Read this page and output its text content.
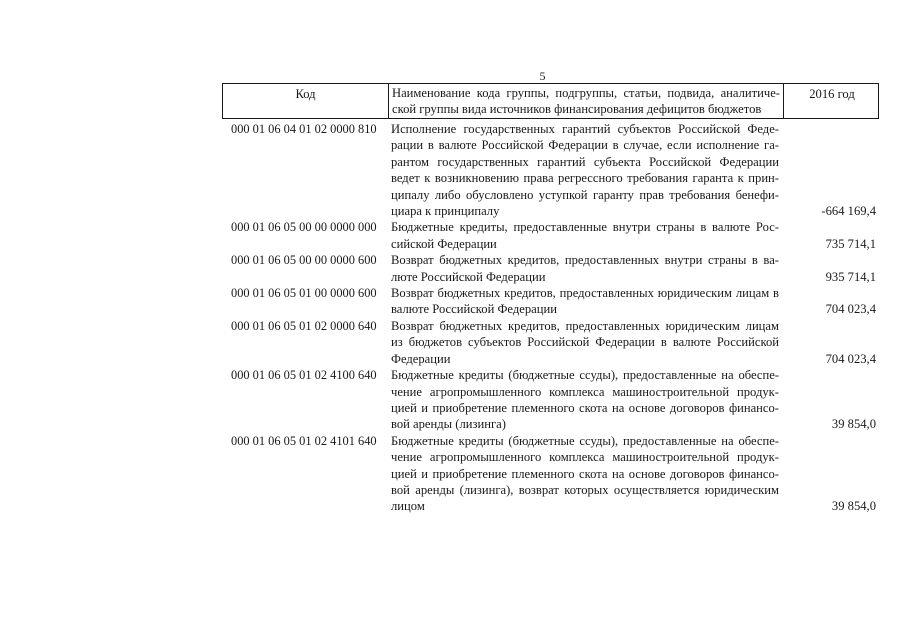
5
Код	Наименование кода группы, подгруппы, статьи, подвида, аналитиче-
ской группы вида источников финансирования дефицитов бюджетов
2016 год
000 01 06 04 01 02 0000 810	Исполнение государственных гарантий субъектов Российской Феде-
рации в валюте Российской Федерации в случае, если исполнение га-
рантом государственных гарантий субъекта Российской Федерации
ведет к возникновению права регрессного требования гаранта к прин-
ципалу либо обусловлено уступкой гаранту прав требования бенефи-
циара к принципалу	-664 169,4
000 01 06 05 00 00 0000 000	Бюджетные кредиты, предоставленные внутри страны в валюте Рос-
сийской Федерации	735 714,1
000 01 06 05 00 00 0000 600	Возврат бюджетных кредитов, предоставленных внутри страны в ва-
люте Российской Федерации	935 714,1
000 01 06 05 01 00 0000 600	Возврат бюджетных кредитов, предоставленных юридическим лицам в
валюте Российской Федерации	704 023,4
000 01 06 05 01 02 0000 640	Возврат бюджетных кредитов, предоставленных юридическим лицам
из бюджетов субъектов Российской Федерации в валюте Российской
Федерации	704 023,4
000 01 06 05 01 02 4100 640	Бюджетные кредиты (бюджетные ссуды), предоставленные на обеспе-
чение агропромышленного комплекса машиностроительной продук-
цией и приобретение племенного скота на основе договоров финансо-
вой аренды (лизинга)	39 854,0
000 01 06 05 01 02 4101 640	Бюджетные кредиты (бюджетные ссуды), предоставленные на обеспе-
чение агропромышленного комплекса машиностроительной продук-
цией и приобретение племенного скота на основе договоров финансо-
вой аренды (лизинга), возврат которых осуществляется юридическим
лицом	39 854,0
